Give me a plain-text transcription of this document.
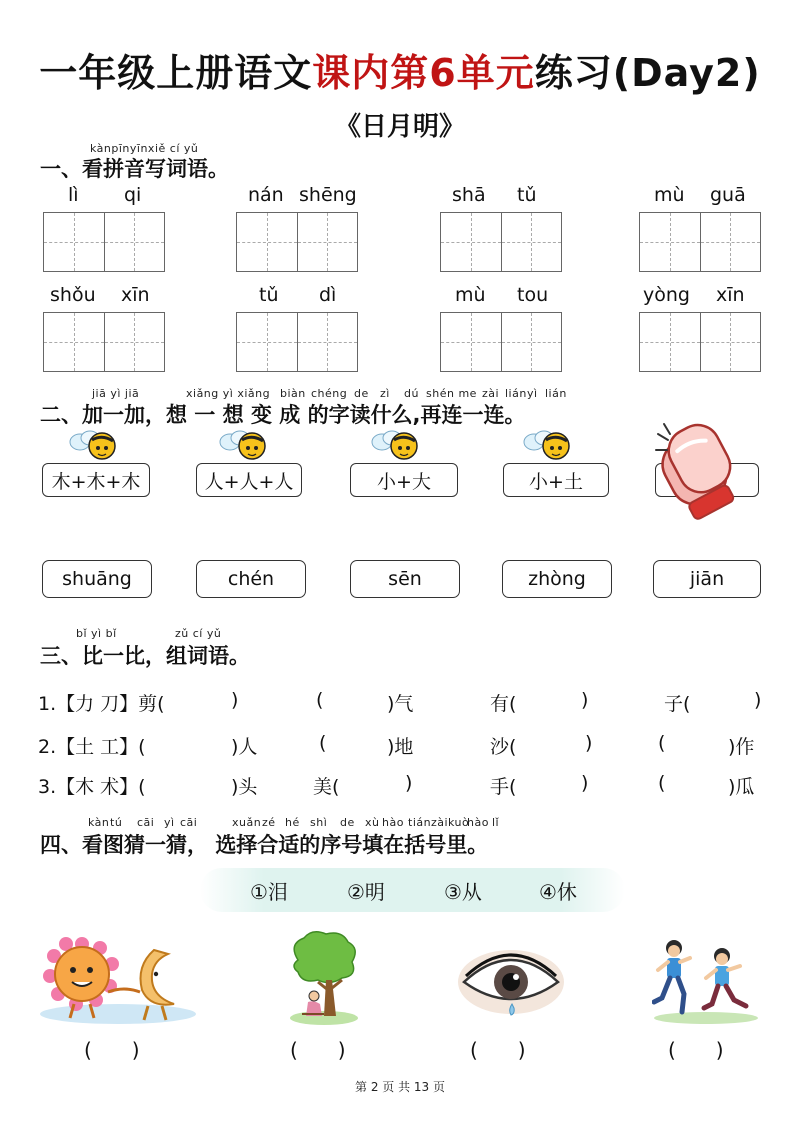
一年级上册语文课内第6单元练习(Day2)
《日月明》
kànpīnyīnxiě cí yǔ
一、看拼音写词语。
lì qi	nán shēng	shā tǔ	mù guā
shǒu xīn	tǔ dì	mù tou	yòng xīn
jiā yì jiā	xiǎng yì xiǎng biàn chéng de zì dú shén me zài lián yì lián
二、加一加，想 一 想 变 成 的字读什么,再连一连。
木+木+木	人+人+人	小+大	小+土
shuāng	chén	sēn	zhòng	jiān
bǐ yì bǐ	zǔ cí yǔ
三、比一比，组词语。
1.【力 刀】剪(	)	(	)气	有(	)	子(	)
2.【土 工】(	)人	(	)地	沙(	)	(	)作
3.【木 术】(	)头	美(	)	手(	)	(	)瓜
kàn tú cāi yì cāi	xuǎn zé hé shì de xù hào tián zài kuò
hào lǐ
四、看图猜一猜， 选择合适的序号填在括号里。
①泪	②明	③从	④休
(　　)	(　　)	(　　)	(　　)
第 2 页 共 13 页
